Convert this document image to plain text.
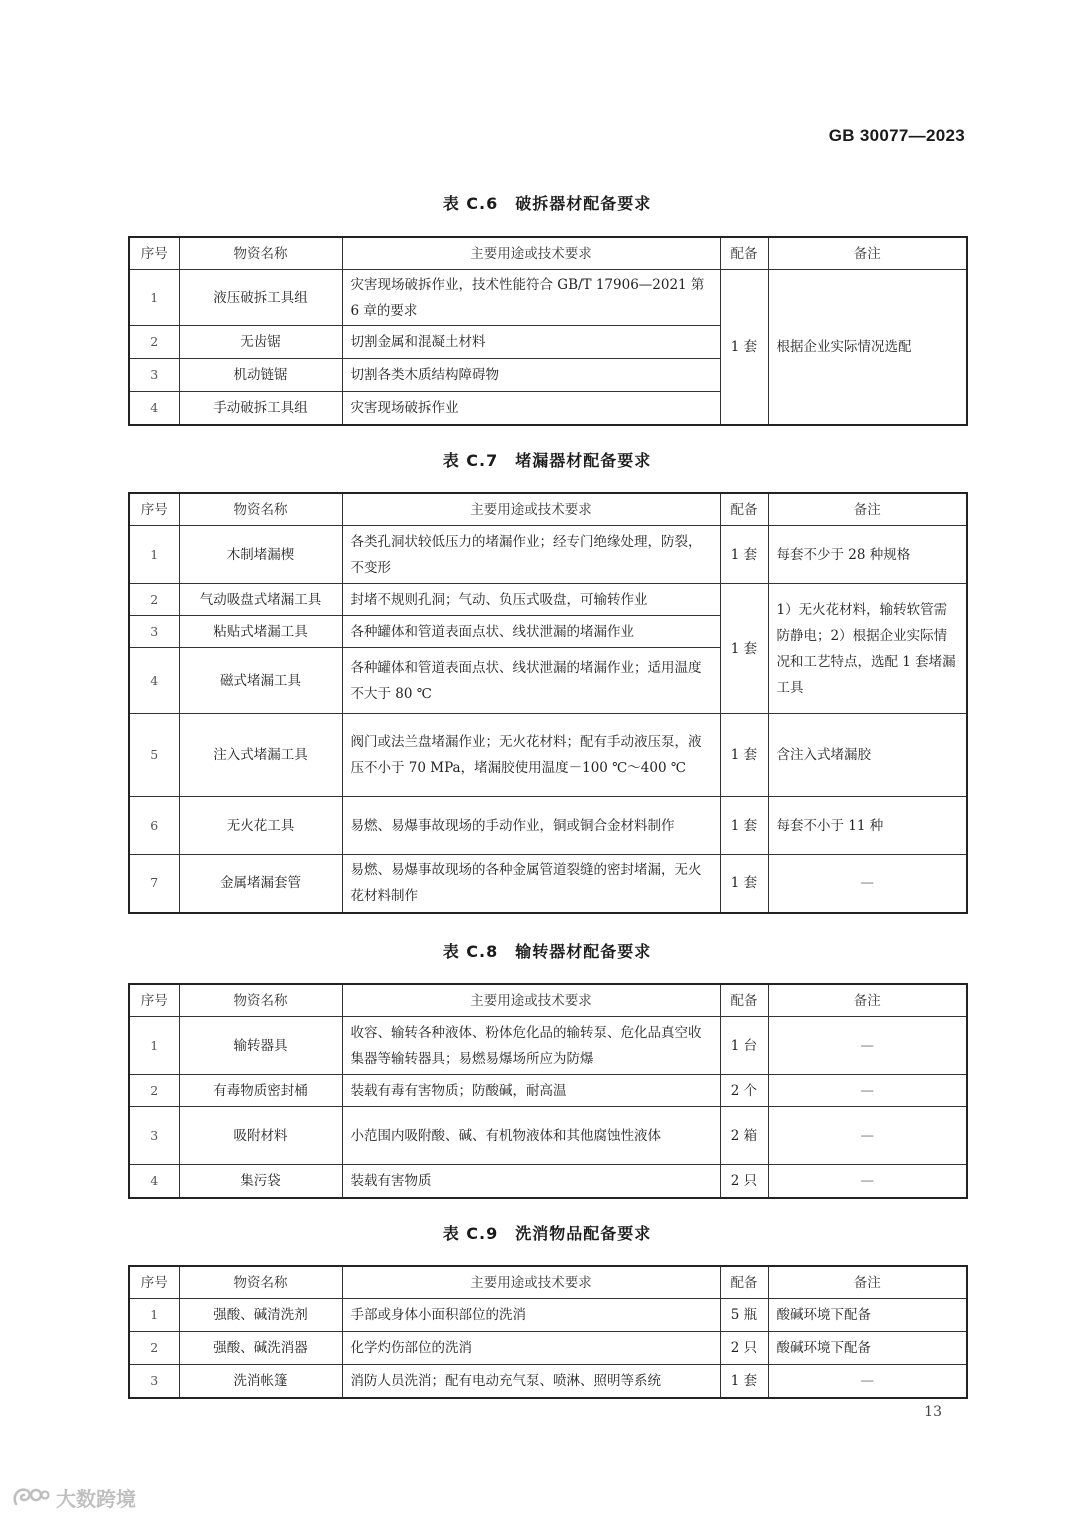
GB 30077—2023
表 C.6　破拆器材配备要求
序号	物资名称	主要用途或技术要求	配备	备注
1	液压破拆工具组	灾害现场破拆作业，技术性能符合 GB/T 17906—2021 第 6 章的要求	1 套	根据企业实际情况选配
2	无齿锯	切割金属和混凝土材料		
3	机动链锯	切割各类木质结构障碍物		
4	手动破拆工具组	灾害现场破拆作业		
表 C.7　堵漏器材配备要求
序号	物资名称	主要用途或技术要求	配备	备注
1	木制堵漏楔	各类孔洞状较低压力的堵漏作业；经专门绝缘处理，防裂，不变形	1 套	每套不少于 28 种规格
2	气动吸盘式堵漏工具	封堵不规则孔洞；气动、负压式吸盘，可输转作业	1 套	1）无火花材料，输转软管需防静电；2）根据企业实际情况和工艺特点，选配 1 套堵漏工具
3	粘贴式堵漏工具	各种罐体和管道表面点状、线状泄漏的堵漏作业		
4	磁式堵漏工具	各种罐体和管道表面点状、线状泄漏的堵漏作业；适用温度不大于 80 ℃		
5	注入式堵漏工具	阀门或法兰盘堵漏作业；无火花材料；配有手动液压泵，液压不小于 70 MPa，堵漏胶使用温度－100 ℃～400 ℃	1 套	含注入式堵漏胶
6	无火花工具	易燃、易爆事故现场的手动作业，铜或铜合金材料制作	1 套	每套不小于 11 种
7	金属堵漏套管	易燃、易爆事故现场的各种金属管道裂缝的密封堵漏，无火花材料制作	1 套	—
表 C.8　输转器材配备要求
序号	物资名称	主要用途或技术要求	配备	备注
1	输转器具	收容、输转各种液体、粉体危化品的输转泵、危化品真空收集器等输转器具；易燃易爆场所应为防爆	1 台	—
2	有毒物质密封桶	装载有毒有害物质；防酸碱，耐高温	2 个	—
3	吸附材料	小范围内吸附酸、碱、有机物液体和其他腐蚀性液体	2 箱	—
4	集污袋	装载有害物质	2 只	—
表 C.9　洗消物品配备要求
序号	物资名称	主要用途或技术要求	配备	备注
1	强酸、碱清洗剂	手部或身体小面积部位的洗消	5 瓶	酸碱环境下配备
2	强酸、碱洗消器	化学灼伤部位的洗消	2 只	酸碱环境下配备
3	洗消帐篷	消防人员洗消；配有电动充气泵、喷淋、照明等系统	1 套	—
13
大数跨境
